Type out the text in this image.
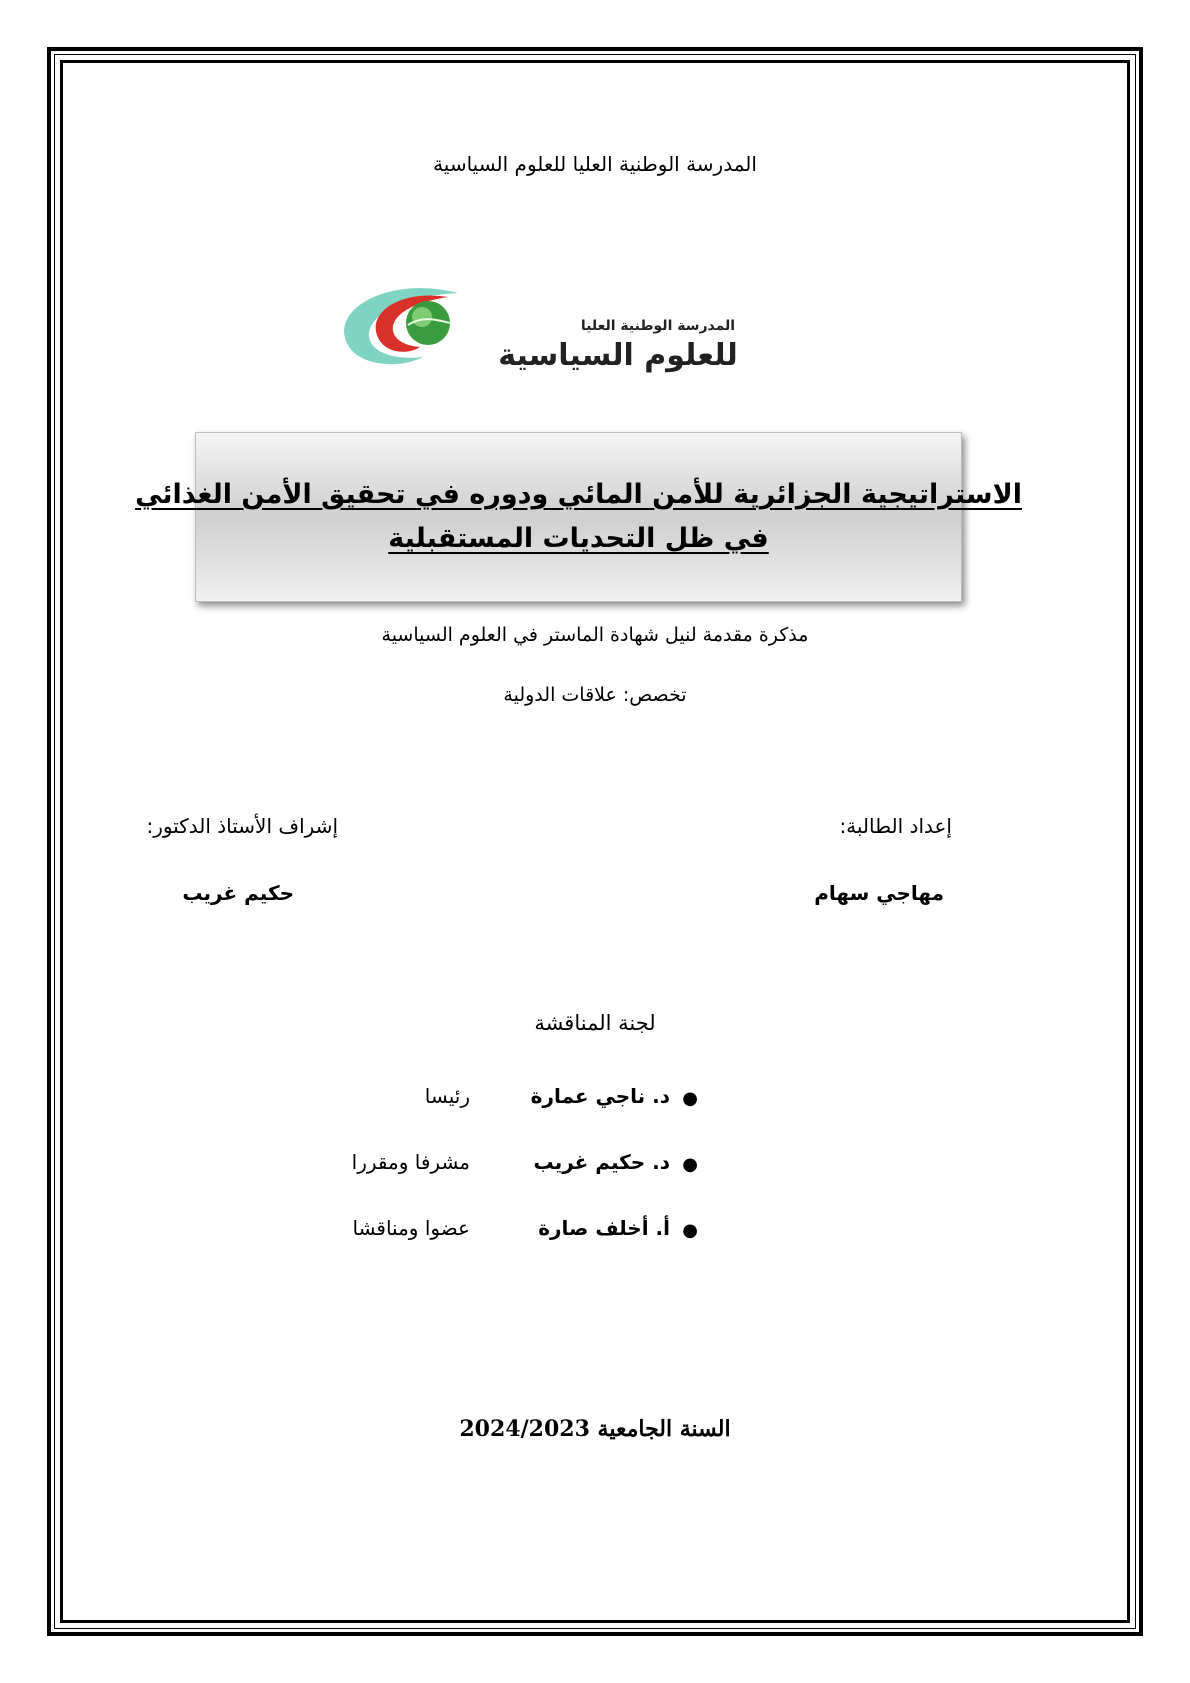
المدرسة الوطنية العليا للعلوم السياسية
المدرسة الوطنية العليا
للعلوم السياسية
الاستراتيجية الجزائرية للأمن المائي ودوره في تحقيق الأمن الغذائي
في ظل التحديات المستقبلية
مذكرة مقدمة لنيل شهادة الماستر في العلوم السياسية
تخصص: علاقات الدولية
إعداد الطالبة:
مهاجي سهام
إشراف الأستاذ الدكتور:
حكيم غريب
لجنة المناقشة
●
د. ناجي عمارة
رئيسا
●
د. حكيم غريب
مشرفا ومقررا
●
أ. أخلف صارة
عضوا ومناقشا
السنة الجامعية 2024/2023
